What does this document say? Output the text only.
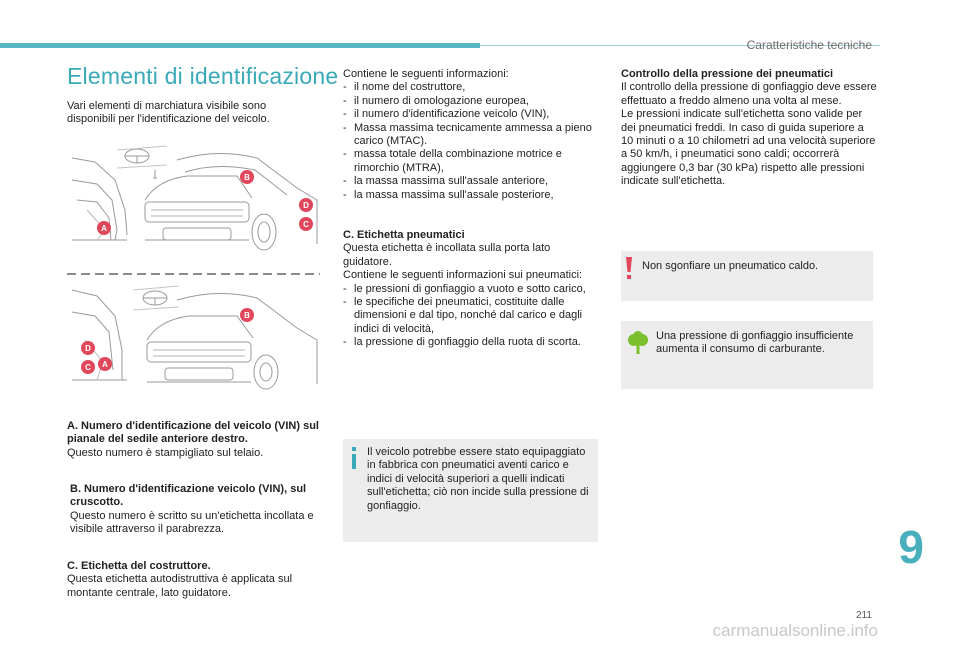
Caratteristiche tecniche
Elementi di identificazione

Vari elementi di marchiatura visibile sono disponibili per l'identificazione del veicolo.

B
D
C
A
B
D
C A

A. Numero d'identificazione del veicolo (VIN) sul pianale del sedile anteriore destro.

Questo numero è stampigliato sul telaio.

B. Numero d'identificazione veicolo (VIN), sul cruscotto.

Questo numero è scritto su un'etichetta incollata e visibile attraverso il parabrezza.

C. Etichetta del costruttore.

Questa etichetta autodistruttiva è applicata sul montante centrale, lato guidatore.

Contiene le seguenti informazioni:

- il nome del costruttore,
- il numero di omologazione europea,
- il numero d'identificazione veicolo (VIN),
- Massa massima tecnicamente ammessa a pieno carico (MTAC).
- massa totale della combinazione motrice e rimorchio (MTRA),
- la massa massima sull'assale anteriore,
- la massa massima sull'assale posteriore,

C. Etichetta pneumatici

Questa etichetta è incollata sulla porta lato guidatore.

Contiene le seguenti informazioni sui pneumatici:

- le pressioni di gonfiaggio a vuoto e sotto carico,
- le specifiche dei pneumatici, costituite dalle dimensioni e dal tipo, nonché dal carico e dagli indici di velocità,
- la pressione di gonfiaggio della ruota di scorta.
Il veicolo potrebbe essere stato equipaggiato in fabbrica con pneumatici aventi carico e indici di velocità superiori a quelli indicati sull'etichetta; ciò non incide sulla pressione di gonfiaggio.

Controllo della pressione dei pneumatici

Il controllo della pressione di gonfiaggio deve essere effettuato a freddo almeno una volta al mese.

Le pressioni indicate sull'etichetta sono valide per dei pneumatici freddi. In caso di guida superiore a 10 minuti o a 10 chilometri ad una velocità superiore a 50 km/h, i pneumatici sono caldi; occorrerà aggiungere 0,3 bar (30 kPa) rispetto alle pressioni indicate sull'etichetta.

Non sgonfiare un pneumatico caldo.
Una pressione di gonfiaggio insufficiente aumenta il consumo di carburante.
9
211
carmanualsonline.info
